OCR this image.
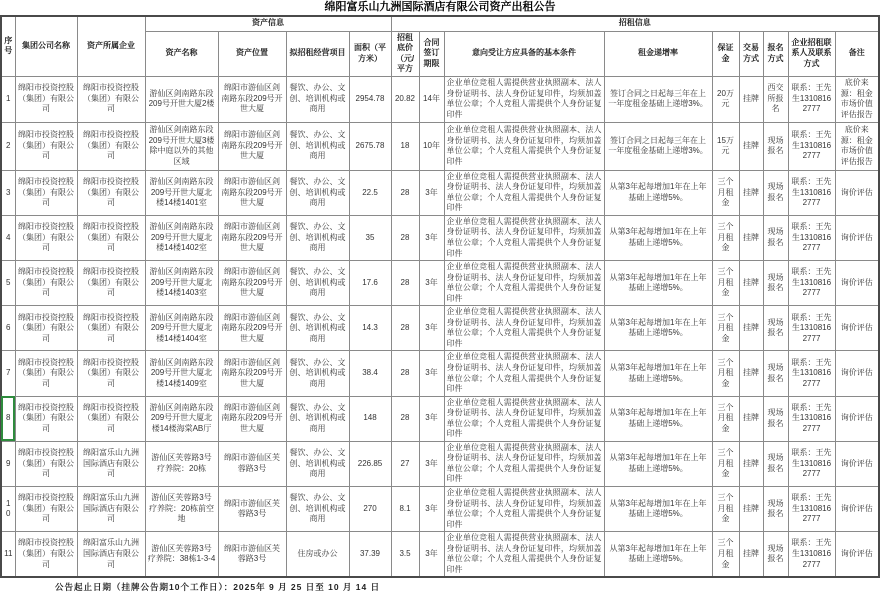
绵阳富乐山九洲国际酒店有限公司资产出租公告
序号	集团公司名称	资产所属企业	资产信息				招租信息								
			资产名称	资产位置	拟招租经营项目	面积（平方米）	招租底价（元/平方	合同签订期限	意向受让方应具备的基本条件	租金递增率	保证金	交易方式	报名方式	企业招租联系人及联系方式	备注
1	绵阳市投资控股（集团）有限公司	绵阳市投资控股（集团）有限公司	游仙区剑南路东段209号开世大厦2楼	绵阳市游仙区剑南路东段209号开世大厦	餐饮、办公、文创、培训机构或商用	2954.78	20.82	14年	企业单位竞租人需提供营业执照副本、法人身份证明书、法人身份证复印件，均须加盖单位公章；个人竞租人需提供个人身份证复印件	签订合同之日起每三年在上一年度租金基础上递增3%。	20万元	挂牌	西交所报名	联系：王先生13108162777	底价来源：租金市场价值评估报告
2	绵阳市投资控股（集团）有限公司	绵阳市投资控股（集团）有限公司	游仙区剑南路东段209号开世大厦3楼除中庭以外的其他区域	绵阳市游仙区剑南路东段209号开世大厦	餐饮、办公、文创、培训机构或商用	2675.78	18	10年	企业单位竞租人需提供营业执照副本、法人身份证明书、法人身份证复印件，均须加盖单位公章；个人竞租人需提供个人身份证复印件	签订合同之日起每三年在上一年度租金基础上递增3%。	15万元	挂牌	现场报名	联系：王先生13108162777	底价来源：租金市场价值评估报告
3	绵阳市投资控股（集团）有限公司	绵阳市投资控股（集团）有限公司	游仙区剑南路东段209号开世大厦北楼14楼1401室	绵阳市游仙区剑南路东段209号开世大厦	餐饮、办公、文创、培训机构或商用	22.5	28	3年	企业单位竞租人需提供营业执照副本、法人身份证明书、法人身份证复印件，均须加盖单位公章；个人竞租人需提供个人身份证复印件	从第3年起每增加1年在上年基础上递增5%。	三个月租金	挂牌	现场报名	联系：王先生13108162777	询价评估
4	绵阳市投资控股（集团）有限公司	绵阳市投资控股（集团）有限公司	游仙区剑南路东段209号开世大厦北楼14楼1402室	绵阳市游仙区剑南路东段209号开世大厦	餐饮、办公、文创、培训机构或商用	35	28	3年	企业单位竞租人需提供营业执照副本、法人身份证明书、法人身份证复印件，均须加盖单位公章；个人竞租人需提供个人身份证复印件	从第3年起每增加1年在上年基础上递增5%。	三个月租金	挂牌	现场报名	联系：王先生13108162777	询价评估
5	绵阳市投资控股（集团）有限公司	绵阳市投资控股（集团）有限公司	游仙区剑南路东段209号开世大厦北楼14楼1403室	绵阳市游仙区剑南路东段209号开世大厦	餐饮、办公、文创、培训机构或商用	17.6	28	3年	企业单位竞租人需提供营业执照副本、法人身份证明书、法人身份证复印件，均须加盖单位公章；个人竞租人需提供个人身份证复印件	从第3年起每增加1年在上年基础上递增5%。	三个月租金	挂牌	现场报名	联系：王先生13108162777	询价评估
6	绵阳市投资控股（集团）有限公司	绵阳市投资控股（集团）有限公司	游仙区剑南路东段209号开世大厦北楼14楼1404室	绵阳市游仙区剑南路东段209号开世大厦	餐饮、办公、文创、培训机构或商用	14.3	28	3年	企业单位竞租人需提供营业执照副本、法人身份证明书、法人身份证复印件，均须加盖单位公章；个人竞租人需提供个人身份证复印件	从第3年起每增加1年在上年基础上递增5%。	三个月租金	挂牌	现场报名	联系：王先生13108162777	询价评估
7	绵阳市投资控股（集团）有限公司	绵阳市投资控股（集团）有限公司	游仙区剑南路东段209号开世大厦北楼14楼1409室	绵阳市游仙区剑南路东段209号开世大厦	餐饮、办公、文创、培训机构或商用	38.4	28	3年	企业单位竞租人需提供营业执照副本、法人身份证明书、法人身份证复印件，均须加盖单位公章；个人竞租人需提供个人身份证复印件	从第3年起每增加1年在上年基础上递增5%。	三个月租金	挂牌	现场报名	联系：王先生13108162777	询价评估
8	绵阳市投资控股（集团）有限公司	绵阳市投资控股（集团）有限公司	游仙区剑南路东段209号开世大厦北楼14楼海棠AB厅	绵阳市游仙区剑南路东段209号开世大厦	餐饮、办公、文创、培训机构或商用	148	28	3年	企业单位竞租人需提供营业执照副本、法人身份证明书、法人身份证复印件，均须加盖单位公章；个人竞租人需提供个人身份证复印件	从第3年起每增加1年在上年基础上递增5%。	三个月租金	挂牌	现场报名	联系：王先生13108162777	询价评估
9	绵阳市投资控股（集团）有限公司	绵阳富乐山九洲国际酒店有限公司	游仙区芙蓉路3号疗养院：20栋	绵阳市游仙区芙蓉路3号	餐饮、办公、文创、培训机构或商用	226.85	27	3年	企业单位竞租人需提供营业执照副本、法人身份证明书、法人身份证复印件，均须加盖单位公章；个人竞租人需提供个人身份证复印件	从第3年起每增加1年在上年基础上递增5%。	三个月租金	挂牌	现场报名	联系：王先生13108162777	询价评估
10	绵阳市投资控股（集团）有限公司	绵阳富乐山九洲国际酒店有限公司	游仙区芙蓉路3号疗养院：20栋前空地	绵阳市游仙区芙蓉路3号	餐饮、办公、文创、培训机构或商用	270	8.1	3年	企业单位竞租人需提供营业执照副本、法人身份证明书、法人身份证复印件，均须加盖单位公章；个人竞租人需提供个人身份证复印件	从第3年起每增加1年在上年基础上递增5%。	三个月租金	挂牌	现场报名	联系：王先生13108162777	询价评估
11	绵阳市投资控股（集团）有限公司	绵阳富乐山九洲国际酒店有限公司	游仙区芙蓉路3号疗养院：38栋1-3-4	绵阳市游仙区芙蓉路3号	住房或办公	37.39	3.5	3年	企业单位竞租人需提供营业执照副本、法人身份证明书、法人身份证复印件，均须加盖单位公章；个人竞租人需提供个人身份证复印件	从第3年起每增加1年在上年基础上递增5%。	三个月租金	挂牌	现场报名	联系：王先生13108162777	询价评估
公告起止日期（挂牌公告期10个工作日）：2025年 9 月 25 日至 10 月 14 日
